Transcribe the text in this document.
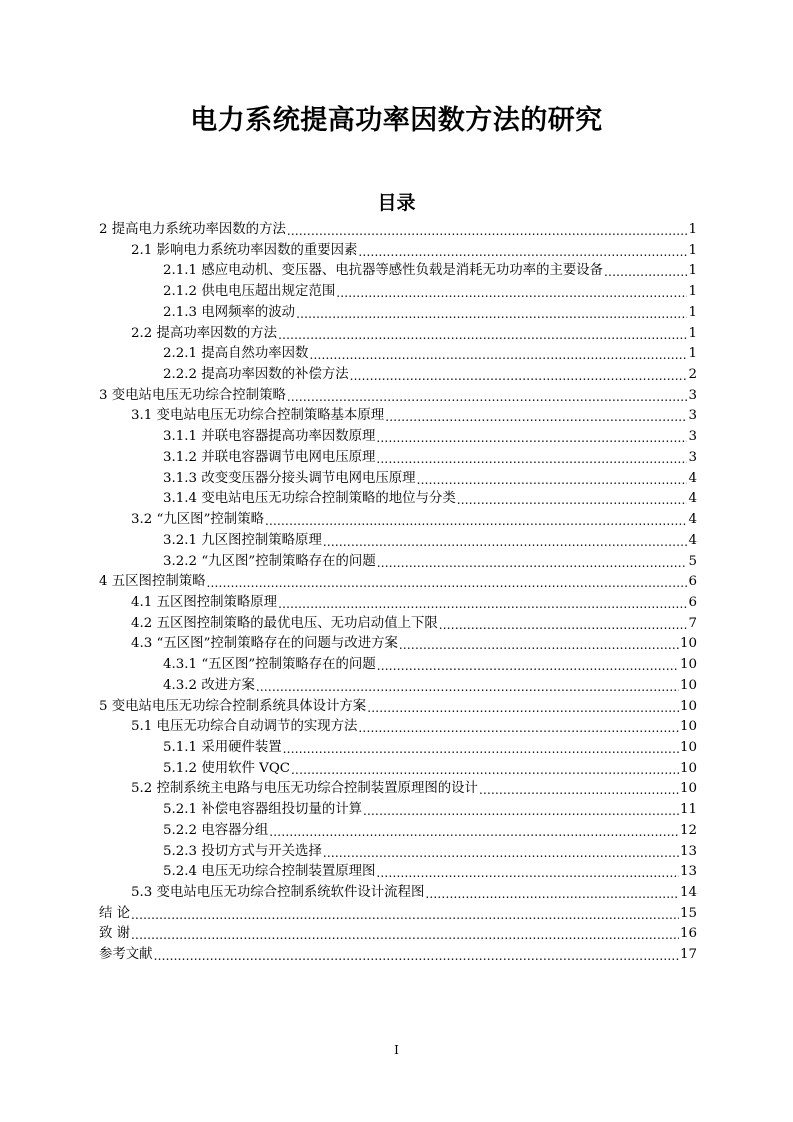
电力系统提高功率因数方法的研究
目录
2 提高电力系统功率因数的方法 .....	1
2.1 影响电力系统功率因数的重要因素 .....	1
2.1.1 感应电动机、变压器、电抗器等感性负载是消耗无功功率的主要设备 .....	1
2.1.2 供电电压超出规定范围 .....	1
2.1.3 电网频率的波动 .....	1
2.2 提高功率因数的方法 .....	1
2.2.1 提高自然功率因数 .....	1
2.2.2 提高功率因数的补偿方法 .....	2
3 变电站电压无功综合控制策略 .....	3
3.1 变电站电压无功综合控制策略基本原理 .....	3
3.1.1 并联电容器提高功率因数原理 .....	3
3.1.2 并联电容器调节电网电压原理 .....	3
3.1.3 改变变压器分接头调节电网电压原理 .....	4
3.1.4 变电站电压无功综合控制策略的地位与分类 .....	4
3.2 “九区图”控制策略 .....	4
3.2.1 九区图控制策略原理 .....	4
3.2.2 “九区图”控制策略存在的问题 .....	5
4 五区图控制策略 .....	6
4.1 五区图控制策略原理 .....	6
4.2 五区图控制策略的最优电压、无功启动值上下限 .....	7
4.3 “五区图”控制策略存在的问题与改进方案 .....	10
4.3.1 “五区图”控制策略存在的问题 .....	10
4.3.2 改进方案 .....	10
5 变电站电压无功综合控制系统具体设计方案 .....	10
5.1 电压无功综合自动调节的实现方法 .....	10
5.1.1 采用硬件装置 .....	10
5.1.2 使用软件 VQC .....	10
5.2 控制系统主电路与电压无功综合控制装置原理图的设计 .....	10
5.2.1 补偿电容器组投切量的计算 .....	11
5.2.2 电容器分组 .....	12
5.2.3 投切方式与开关选择 .....	13
5.2.4 电压无功综合控制装置原理图 .....	13
5.3 变电站电压无功综合控制系统软件设计流程图 .....	14
结 论 .....	15
致 谢 .....	16
参考文献 .....	17
I
